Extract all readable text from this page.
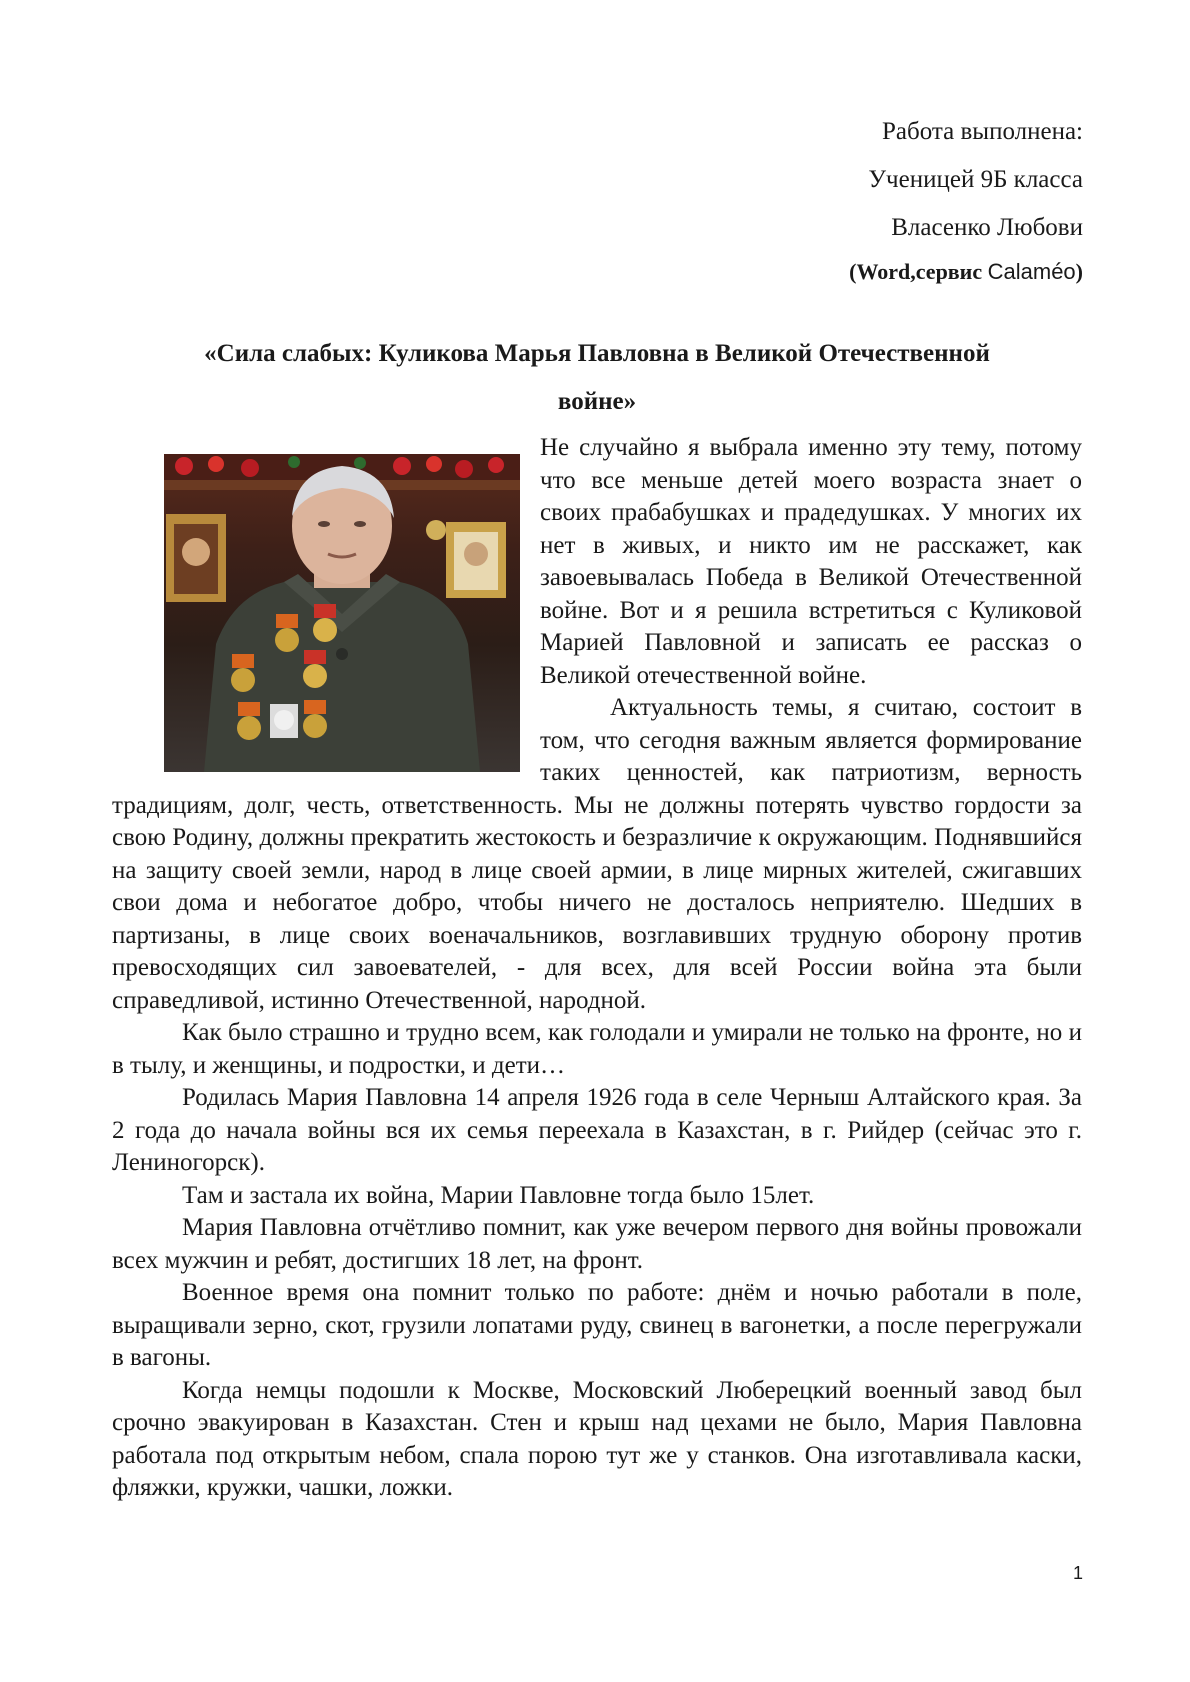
Работа выполнена:
Ученицей 9Б класса
Власенко Любови
(Word,сервис Calaméo)
«Сила слабых: Куликова Марья Павловна в Великой Отечественной
войне»

Не случайно я выбрала именно эту тему, потому что все меньше детей моего возраста знает о своих прабабушках и прадедушках. У многих их нет в живых, и никто им не расскажет, как завоевывалась Победа в Великой Отечественной войне. Вот и я решила встретиться с Куликовой Марией Павловной и записать ее рассказ о Великой отечественной войне.

Актуальность темы, я считаю, состоит в том, что сегодня важным является формирование таких ценностей, как патриотизм, верность традициям, долг, честь, ответственность. Мы не должны потерять чувство гордости за свою Родину, должны прекратить жестокость и безразличие к окружающим. Поднявшийся на защиту своей земли, народ в лице своей армии, в лице мирных жителей, сжигавших свои дома и небогатое добро, чтобы ничего не досталось неприятелю. Шедших в партизаны, в лице своих военачальников, возглавивших трудную оборону против превосходящих сил завоевателей, - для всех, для всей России война эта были справедливой, истинно Отечественной, народной.

Как было страшно и трудно всем, как голодали и умирали не только на фронте, но и в тылу, и женщины, и подростки, и дети…

Родилась Мария Павловна 14 апреля 1926 года в селе Черныш Алтайского края. За 2 года до начала войны вся их семья переехала в Казахстан, в г. Рийдер (сейчас это г. Лениногорск).

Там и застала их война, Марии Павловне тогда было 15лет.

Мария Павловна отчётливо помнит, как уже вечером первого дня войны провожали всех мужчин и ребят, достигших 18 лет, на фронт.

Военное время она помнит только по работе: днём и ночью работали в поле, выращивали зерно, скот, грузили лопатами руду, свинец в вагонетки, а после перегружали в вагоны.

Когда немцы подошли к Москве, Московский Люберецкий военный завод был срочно эвакуирован в Казахстан. Стен и крыш над цехами не было, Мария Павловна работала под открытым небом, спала порою тут же у станков. Она изготавливала каски, фляжки, кружки, чашки, ложки.

1
